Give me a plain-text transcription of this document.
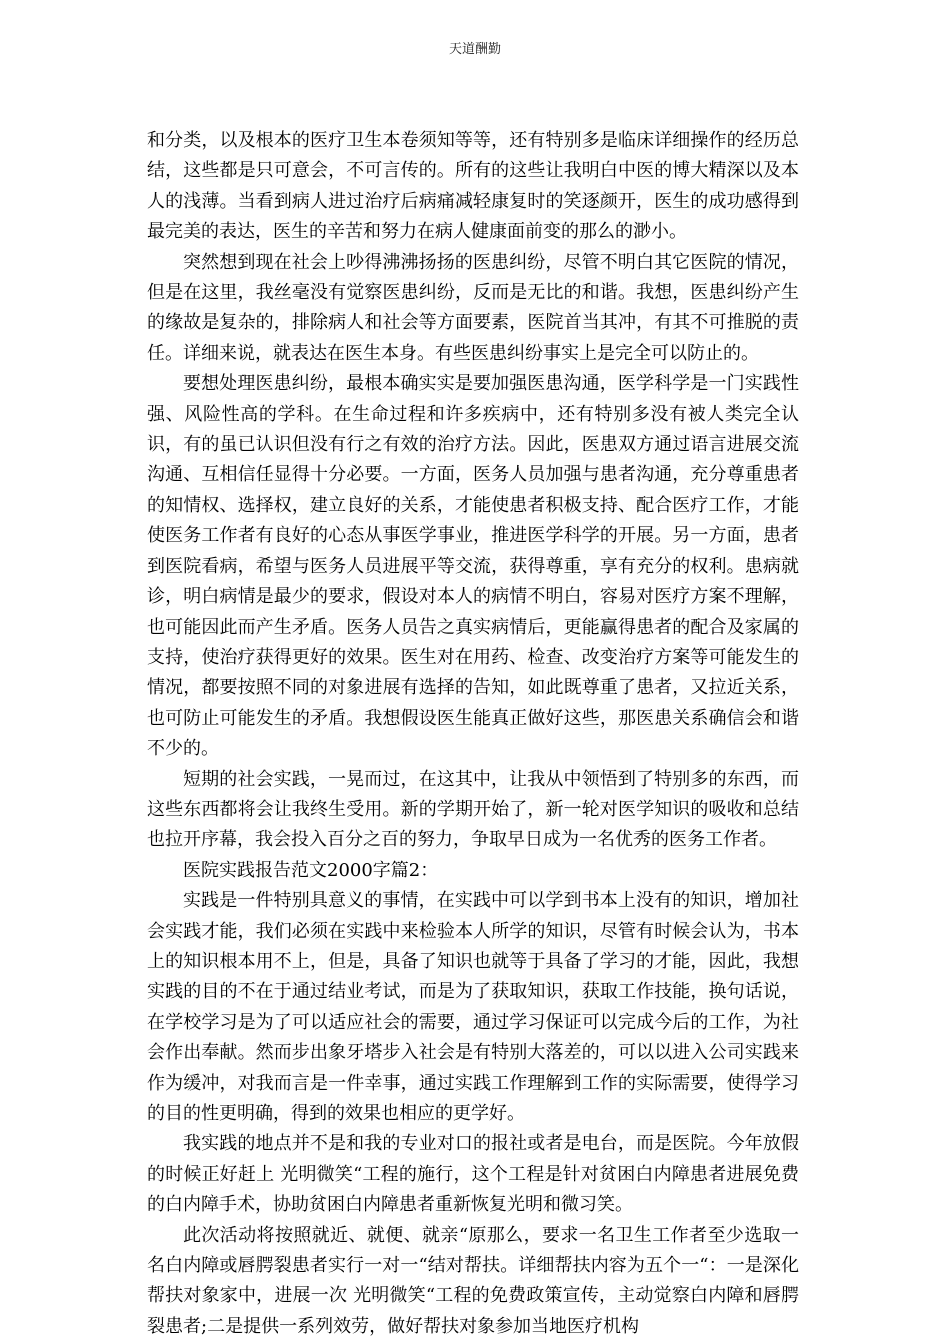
天道酬勤

和分类，以及根本的医疗卫生本卷须知等等，还有特别多是临床详细操作的经历总结，这些都是只可意会，不可言传的。所有的这些让我明白中医的博大精深以及本人的浅薄。当看到病人进过治疗后病痛减轻康复时的笑逐颜开，医生的成功感得到最完美的表达，医生的辛苦和努力在病人健康面前变的那么的渺小。

突然想到现在社会上吵得沸沸扬扬的医患纠纷，尽管不明白其它医院的情况，但是在这里，我丝毫没有觉察医患纠纷，反而是无比的和谐。我想，医患纠纷产生的缘故是复杂的，排除病人和社会等方面要素，医院首当其冲，有其不可推脱的责任。详细来说，就表达在医生本身。有些医患纠纷事实上是完全可以防止的。

要想处理医患纠纷，最根本确实实是要加强医患沟通，医学科学是一门实践性强、风险性高的学科。在生命过程和许多疾病中，还有特别多没有被人类完全认识，有的虽已认识但没有行之有效的治疗方法。因此，医患双方通过语言进展交流沟通、互相信任显得十分必要。一方面，医务人员加强与患者沟通，充分尊重患者的知情权、选择权，建立良好的关系，才能使患者积极支持、配合医疗工作，才能使医务工作者有良好的心态从事医学事业，推进医学科学的开展。另一方面，患者到医院看病，希望与医务人员进展平等交流，获得尊重，享有充分的权利。患病就诊，明白病情是最少的要求，假设对本人的病情不明白，容易对医疗方案不理解，也可能因此而产生矛盾。医务人员告之真实病情后，更能赢得患者的配合及家属的支持，使治疗获得更好的效果。医生对在用药、检查、改变治疗方案等可能发生的情况，都要按照不同的对象进展有选择的告知，如此既尊重了患者，又拉近关系，也可防止可能发生的矛盾。我想假设医生能真正做好这些，那医患关系确信会和谐不少的。

短期的社会实践，一晃而过，在这其中，让我从中领悟到了特别多的东西，而这些东西都将会让我终生受用。新的学期开始了，新一轮对医学知识的吸收和总结也拉开序幕，我会投入百分之百的努力，争取早日成为一名优秀的医务工作者。

医院实践报告范文2000字篇2：

实践是一件特别具意义的事情，在实践中可以学到书本上没有的知识，增加社会实践才能，我们必须在实践中来检验本人所学的知识，尽管有时候会认为，书本上的知识根本用不上，但是，具备了知识也就等于具备了学习的才能，因此，我想实践的目的不在于通过结业考试，而是为了获取知识，获取工作技能，换句话说，在学校学习是为了可以适应社会的需要，通过学习保证可以完成今后的工作，为社会作出奉献。然而步出象牙塔步入社会是有特别大落差的，可以以进入公司实践来作为缓冲，对我而言是一件幸事，通过实践工作理解到工作的实际需要，使得学习的目的性更明确，得到的效果也相应的更学好。

我实践的地点并不是和我的专业对口的报社或者是电台，而是医院。今年放假的时候正好赶上 光明微笑“工程的施行，这个工程是针对贫困白内障患者进展免费的白内障手术，协助贫困白内障患者重新恢复光明和微习笑。

此次活动将按照就近、就便、就亲“原那么，要求一名卫生工作者至少选取一名白内障或唇腭裂患者实行一对一“结对帮扶。详细帮扶内容为五个一“：一是深化帮扶对象家中，进展一次 光明微笑“工程的免费政策宣传，主动觉察白内障和唇腭裂患者;二是提供一系列效劳，做好帮扶对象参加当地医疗机构
